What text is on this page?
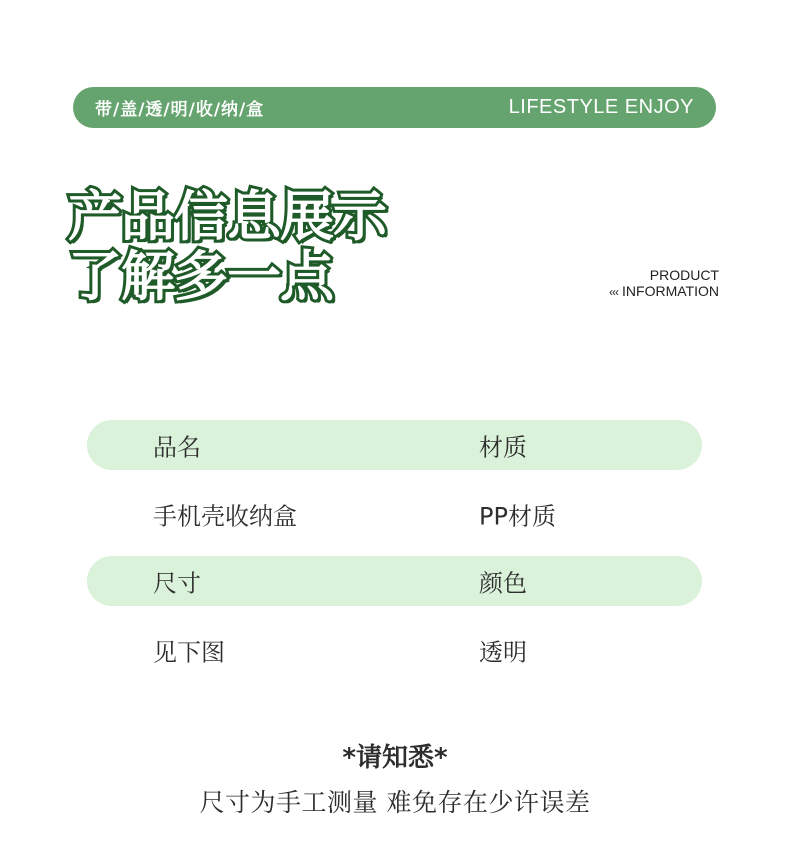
带/盖/透/明/收/纳/盒	LIFESTYLE ENJOY
产品信息展示
了解多一点	PRODUCT
‹‹‹ INFORMATION
品名	材质
手机壳收纳盒	PP材质
尺寸	颜色
见下图	透明
*请知悉*
尺寸为手工测量 难免存在少许误差
